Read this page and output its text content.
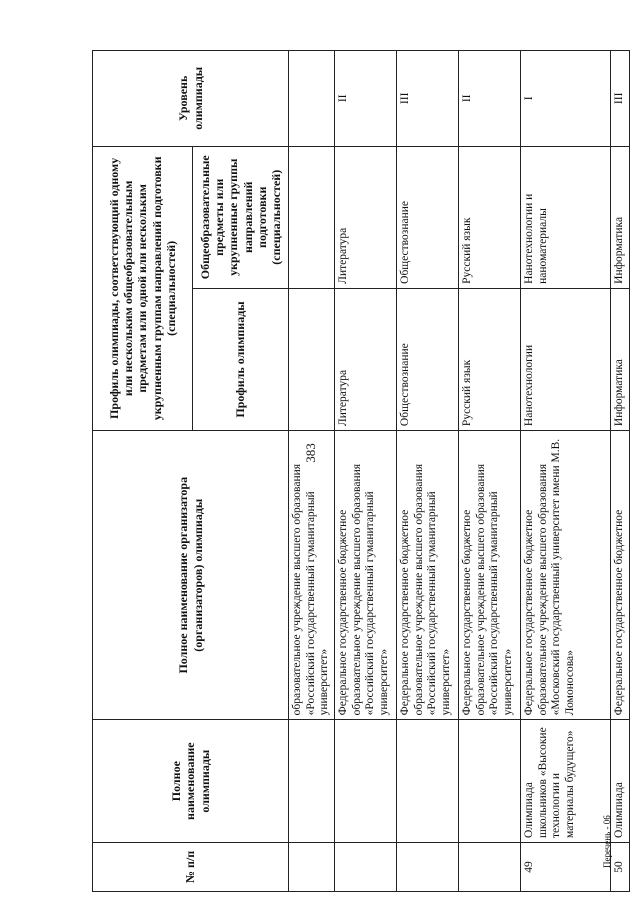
383
№ п/п	Полное наименование олимпиады	Полное наименование организатора (организаторов) олимпиады	Профиль олимпиады, соответствующий одному или нескольким общеобразовательным предметам или одной или нескольким укрупненным группам направлений подготовки (специальностей)		Уровень олимпиады
			Профиль олимпиады	Общеобразовательные предметы или укрупненные группы направлений подготовки (специальностей)	
		образовательное учреждение высшего образования «Российский государственный гуманитарный университет»			
		Федеральное государственное бюджетное образовательное учреждение высшего образования «Российский государственный гуманитарный университет»	Литература	Литература	II
		Федеральное государственное бюджетное образовательное учреждение высшего образования «Российский государственный гуманитарный университет»	Обществознание	Обществознание	III
		Федеральное государственное бюджетное образовательное учреждение высшего образования «Российский государственный гуманитарный университет»	Русский язык	Русский язык	II
49	Олимпиада школьников «Высокие технологии и материалы будущего»	Федеральное государственное бюджетное образовательное учреждение высшего образования «Московский государственный университет имени М.В. Ломоносова»	Нанотехнологии	Нанотехнологии и наноматериалы	I
50	Олимпиада	Федеральное государственное бюджетное	Информатика	Информатика	III
Перечень - 06
